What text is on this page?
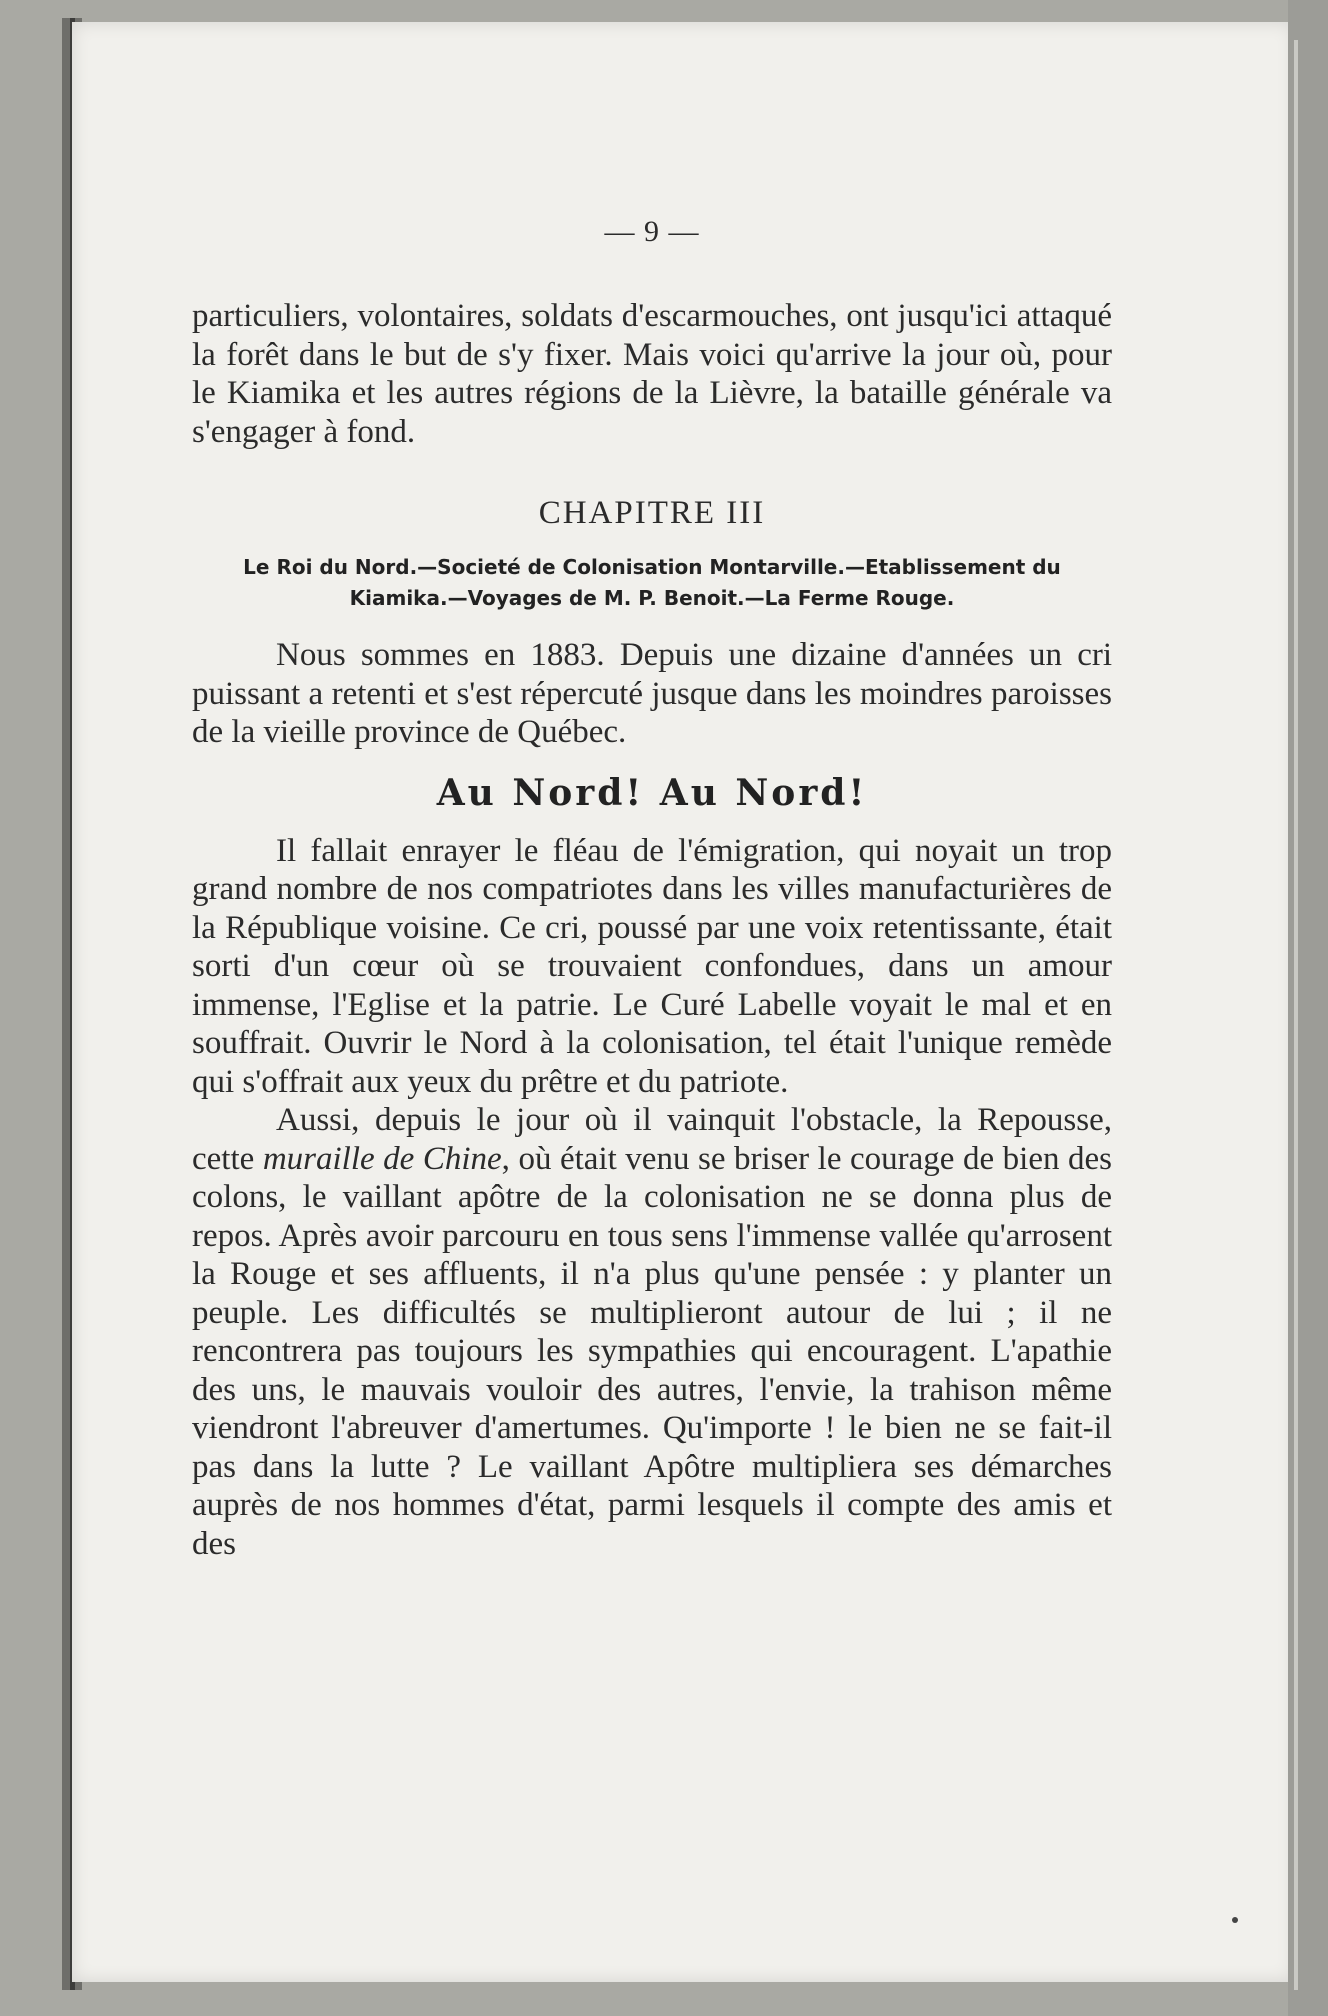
— 9 —

particuliers, volontaires, soldats d'escarmouches, ont jusqu'ici attaqué la forêt dans le but de s'y fixer. Mais voici qu'arrive la jour où, pour le Kiamika et les autres régions de la Lièvre, la bataille générale va s'engager à fond.

CHAPITRE III
Le Roi du Nord.—Societé de Colonisation Montarville.—Etablissement du Kiamika.—Voyages de M. P. Benoit.—La Ferme Rouge.

Nous sommes en 1883. Depuis une dizaine d'années un cri puissant a retenti et s'est répercuté jusque dans les moindres paroisses de la vieille province de Québec.

Au Nord! Au Nord!

Il fallait enrayer le fléau de l'émigration, qui noyait un trop grand nombre de nos compatriotes dans les villes manufacturières de la République voisine. Ce cri, poussé par une voix retentissante, était sorti d'un cœur où se trouvaient confondues, dans un amour immense, l'Eglise et la patrie. Le Curé Labelle voyait le mal et en souffrait. Ouvrir le Nord à la colonisation, tel était l'unique remède qui s'offrait aux yeux du prêtre et du patriote.

Aussi, depuis le jour où il vainquit l'obstacle, la Repousse, cette muraille de Chine, où était venu se briser le courage de bien des colons, le vaillant apôtre de la colonisation ne se donna plus de repos. Après avoir parcouru en tous sens l'immense vallée qu'arrosent la Rouge et ses affluents, il n'a plus qu'une pensée : y planter un peuple. Les difficultés se multiplieront autour de lui ; il ne rencontrera pas toujours les sympathies qui encouragent. L'apathie des uns, le mauvais vouloir des autres, l'envie, la trahison même viendront l'abreuver d'amertumes. Qu'importe ! le bien ne se fait-il pas dans la lutte ? Le vaillant Apôtre multipliera ses démarches auprès de nos hommes d'état, parmi lesquels il compte des amis et des
